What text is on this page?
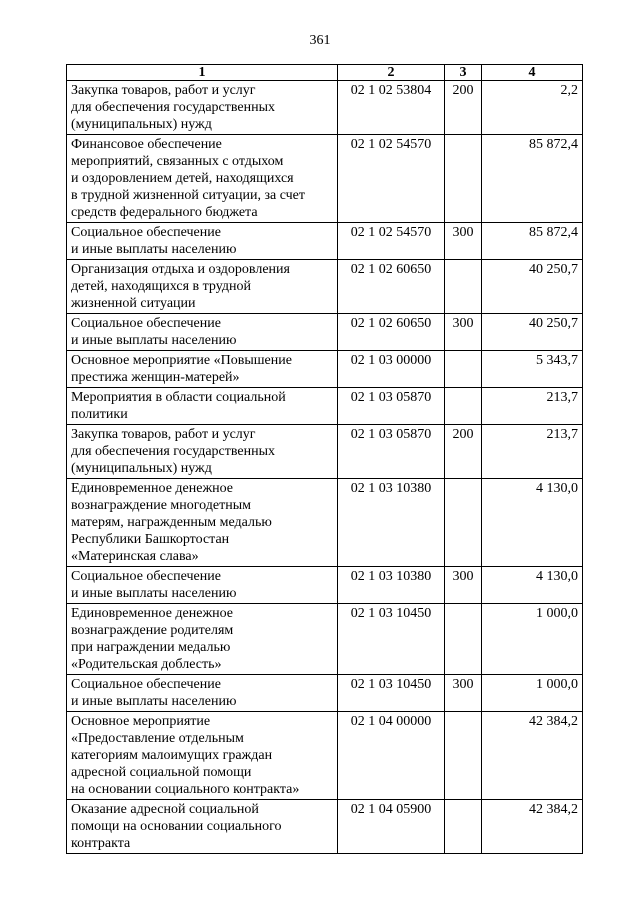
361
1	2	3	4
Закупка товаров, работ и услуг
для обеспечения государственных
(муниципальных) нужд	02 1 02 53804	200	2,2
Финансовое обеспечение
мероприятий, связанных с отдыхом
и оздоровлением детей, находящихся
в трудной жизненной ситуации, за счет
средств федерального бюджета	02 1 02 54570		85 872,4
Социальное обеспечение
и иные выплаты населению	02 1 02 54570	300	85 872,4
Организация отдыха и оздоровления
детей, находящихся в трудной
жизненной ситуации	02 1 02 60650		40 250,7
Социальное обеспечение
и иные выплаты населению	02 1 02 60650	300	40 250,7
Основное мероприятие «Повышение
престижа женщин-матерей»	02 1 03 00000		5 343,7
Мероприятия в области социальной
политики	02 1 03 05870		213,7
Закупка товаров, работ и услуг
для обеспечения государственных
(муниципальных) нужд	02 1 03 05870	200	213,7
Единовременное денежное
вознаграждение многодетным
матерям, награжденным медалью
Республики Башкортостан
«Материнская слава»	02 1 03 10380		4 130,0
Социальное обеспечение
и иные выплаты населению	02 1 03 10380	300	4 130,0
Единовременное денежное
вознаграждение родителям
при награждении медалью
«Родительская доблесть»	02 1 03 10450		1 000,0
Социальное обеспечение
и иные выплаты населению	02 1 03 10450	300	1 000,0
Основное мероприятие
«Предоставление отдельным
категориям малоимущих граждан
адресной социальной помощи
на основании социального контракта»	02 1 04 00000		42 384,2
Оказание адресной социальной
помощи на основании социального
контракта	02 1 04 05900		42 384,2
